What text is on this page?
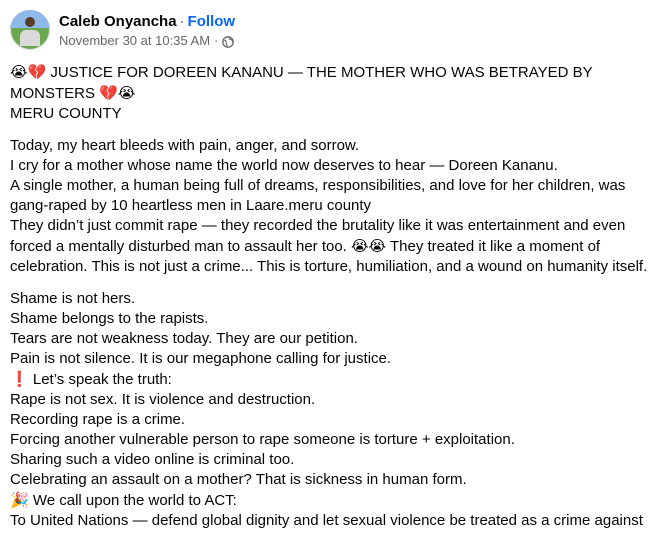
Caleb Onyancha · Follow
November 30 at 10:35 AM ·

😭💔 JUSTICE FOR DOREEN KANANU — THE MOTHER WHO WAS BETRAYED BY MONSTERS 💔😭
MERU COUNTY

Today, my heart bleeds with pain, anger, and sorrow.

I cry for a mother whose name the world now deserves to hear — Doreen Kananu.

A single mother, a human being full of dreams, responsibilities, and love for her children, was gang-raped by 10 heartless men in Laare.meru county

They didn’t just commit rape — they recorded the brutality like it was entertainment and even forced a mentally disturbed man to assault her too. 😭😭 They treated it like a moment of celebration. This is not just a crime... This is torture, humiliation, and a wound on humanity itself.

Shame is not hers.

Shame belongs to the rapists.

Tears are not weakness today. They are our petition.

Pain is not silence. It is our megaphone calling for justice.

❗ Let’s speak the truth:

Rape is not sex. It is violence and destruction.

Recording rape is a crime.

Forcing another vulnerable person to rape someone is torture + exploitation.

Sharing such a video online is criminal too.

Celebrating an assault on a mother? That is sickness in human form.

🎉 We call upon the world to ACT:

To United Nations — defend global dignity and let sexual violence be treated as a crime against
